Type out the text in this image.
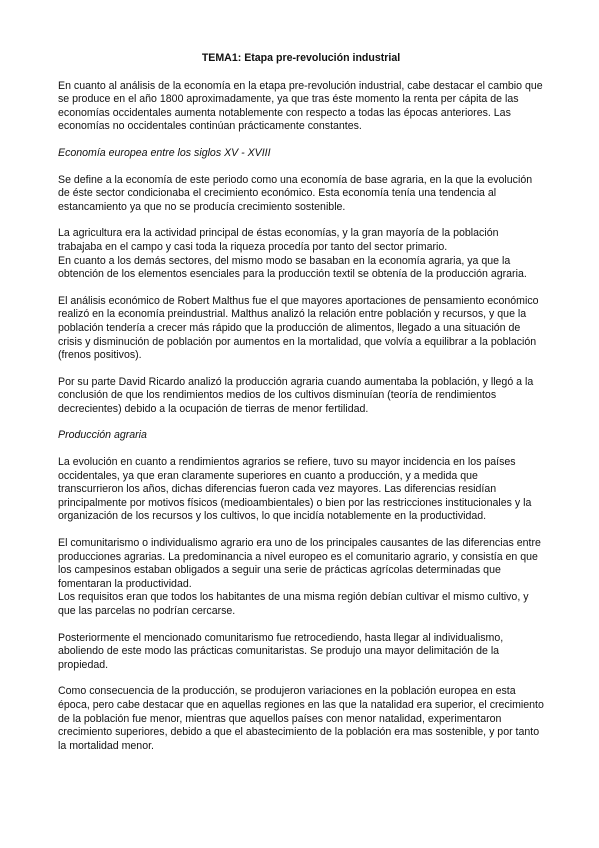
TEMA1: Etapa pre-revolución industrial

En cuanto al análisis de la economía en la etapa pre-revolución industrial, cabe destacar el cambio que se produce en el año 1800 aproximadamente, ya que tras éste momento la renta per cápita de las economías occidentales aumenta notablemente con respecto a todas las épocas anteriores. Las economías no occidentales continúan prácticamente constantes.

Economía europea entre los siglos XV - XVIII

Se define a la economía de este periodo como una economía de base agraria, en la que la evolución de éste sector condicionaba el crecimiento económico. Esta economía tenía una tendencia al estancamiento ya que no se producía crecimiento sostenible.

La agricultura era la actividad principal de éstas economías, y la gran mayoría de la población trabajaba en el campo y casi toda la riqueza procedía por tanto del sector primario.
En cuanto a los demás sectores, del mismo modo se basaban en la economía agraria, ya que la obtención de los elementos esenciales para la producción textil se obtenía de la producción agraria.

El análisis económico de Robert Malthus fue el que mayores aportaciones de pensamiento económico realizó en la economía preindustrial. Malthus analizó la relación entre población y recursos, y que la población tendería a crecer más rápido que la producción de alimentos, llegado a una situación de crisis y disminución de población por aumentos en la mortalidad, que volvía a equilibrar a la población (frenos positivos).

Por su parte David Ricardo analizó la producción agraria cuando aumentaba la población, y llegó a la conclusión de que los rendimientos medios de los cultivos disminuían (teoría de rendimientos decrecientes) debido a la ocupación de tierras de menor fertilidad.

Producción agraria

La evolución en cuanto a rendimientos agrarios se refiere, tuvo su mayor incidencia en los países occidentales, ya que eran claramente superiores en cuanto a producción, y a medida que transcurrieron los años, dichas diferencias fueron cada vez mayores. Las diferencias residían principalmente por motivos físicos (medioambientales) o bien por las restricciones institucionales y la organización de los recursos y los cultivos, lo que incidía notablemente en la productividad.

El comunitarismo o individualismo agrario era uno de los principales causantes de las diferencias entre producciones agrarias. La predominancia a nivel europeo es el comunitario agrario, y consistía en que los campesinos estaban obligados a seguir una serie de prácticas agrícolas determinadas que fomentaran la productividad.
Los requisitos eran que todos los habitantes de una misma región debían cultivar el mismo cultivo, y que las parcelas no podrían cercarse.

Posteriormente el mencionado comunitarismo fue retrocediendo, hasta llegar al individualismo, aboliendo de este modo las prácticas comunitaristas. Se produjo una mayor delimitación de la propiedad.

Como consecuencia de la producción, se produjeron variaciones en la población europea en esta época, pero cabe destacar que en aquellas regiones en las que la natalidad era superior, el crecimiento de la población fue menor, mientras que aquellos países con menor natalidad, experimentaron crecimiento superiores, debido a que el abastecimiento de la población era mas sostenible, y por tanto la mortalidad menor.
